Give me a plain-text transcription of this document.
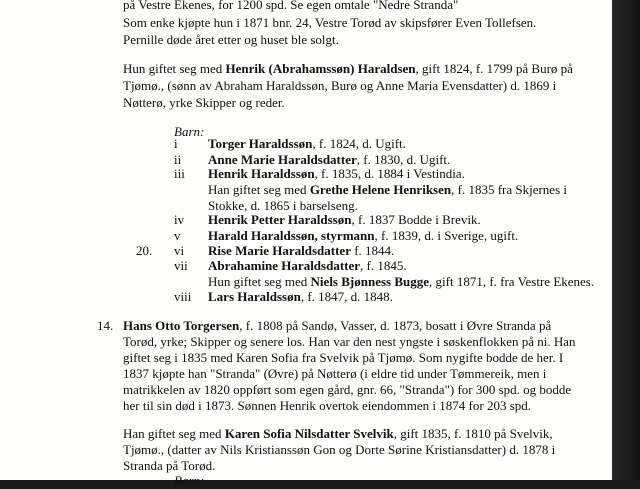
på Vestre Ekenes, for 1200 spd. Se egen omtale "Nedre Stranda"
Som enke kjøpte hun i 1871 bnr. 24, Vestre Torød av skipsfører Even Tollefsen.
Pernille døde året etter og huset ble solgt.
Hun giftet seg med Henrik (Abrahamssøn) Haraldsen, gift 1824, f. 1799 på Burø på
Tjømø., (sønn av Abraham Haraldssøn, Burø og Anne Maria Evensdatter) d. 1869 i
Nøtterø, yrke Skipper og reder.
Barn:
i Torger Haraldssøn, f. 1824, d. Ugift.
ii Anne Marie Haraldsdatter, f. 1830, d. Ugift.
iii Henrik Haraldssøn, f. 1835, d. 1884 i Vestindia.
Han giftet seg med Grethe Helene Henriksen, f. 1835 fra Skjernes i
Stokke, d. 1865 i barselseng.
iv Henrik Petter Haraldssøn, f. 1837 Bodde i Brevik.
v Harald Haraldssøn, styrmann, f. 1839, d. i Sverige, ugift.
20. vi Rise Marie Haraldsdatter f. 1844.
vii Abrahamine Haraldsdatter, f. 1845.
Hun giftet seg med Niels Bjønness Bugge, gift 1871, f. fra Vestre Ekenes.
viii Lars Haraldssøn, f. 1847, d. 1848.
14. Hans Otto Torgersen, f. 1808 på Sandø, Vasser, d. 1873, bosatt i Øvre Stranda på
Torød, yrke; Skipper og senere los. Han var den nest yngste i søskenflokken på ni. Han
giftet seg i 1835 med Karen Sofia fra Svelvik på Tjømø. Som nygifte bodde de her. I
1837 kjøpte han "Stranda" (Øvre) på Nøtterø (i eldre tid under Tømmereik, men i
matrikkelen av 1820 oppført som egen gård, gnr. 66, "Stranda") for 300 spd. og bodde
her til sin død i 1873. Sønnen Henrik overtok eiendommen i 1874 for 203 spd.
Han giftet seg med Karen Sofia Nilsdatter Svelvik, gift 1835, f. 1810 på Svelvik,
Tjømø., (datter av Nils Kristianssøn Gon og Dorte Sørine Kristiansdatter) d. 1878 i
Stranda på Torød.
Barn:
